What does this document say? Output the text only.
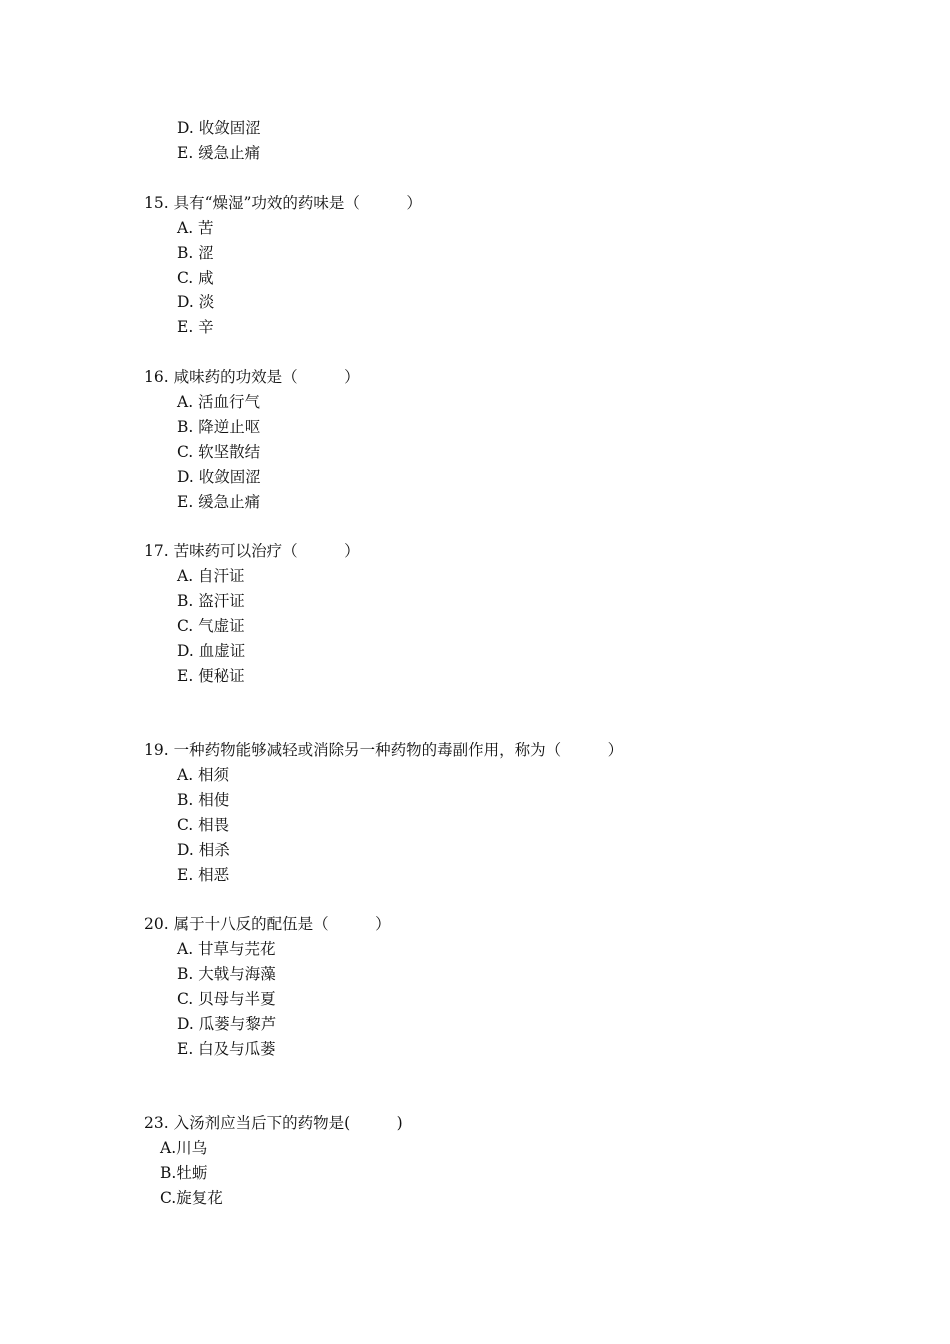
D. 收敛固涩
E. 缓急止痛
15. 具有“燥湿”功效的药味是（　　　）
A. 苦
B. 涩
C. 咸
D. 淡
E. 辛
16. 咸味药的功效是（　　　）
A. 活血行气
B. 降逆止呕
C. 软坚散结
D. 收敛固涩
E. 缓急止痛
17. 苦味药可以治疗（　　　）
A. 自汗证
B. 盗汗证
C. 气虚证
D. 血虚证
E. 便秘证
19. 一种药物能够减轻或消除另一种药物的毒副作用，称为（　　　）
A. 相须
B. 相使
C. 相畏
D. 相杀
E. 相恶
20. 属于十八反的配伍是（　　　）
A. 甘草与芫花
B. 大戟与海藻
C. 贝母与半夏
D. 瓜蒌与黎芦
E. 白及与瓜蒌
23. 入汤剂应当后下的药物是(　　　)
A.川乌
B.牡蛎
C.旋复花
